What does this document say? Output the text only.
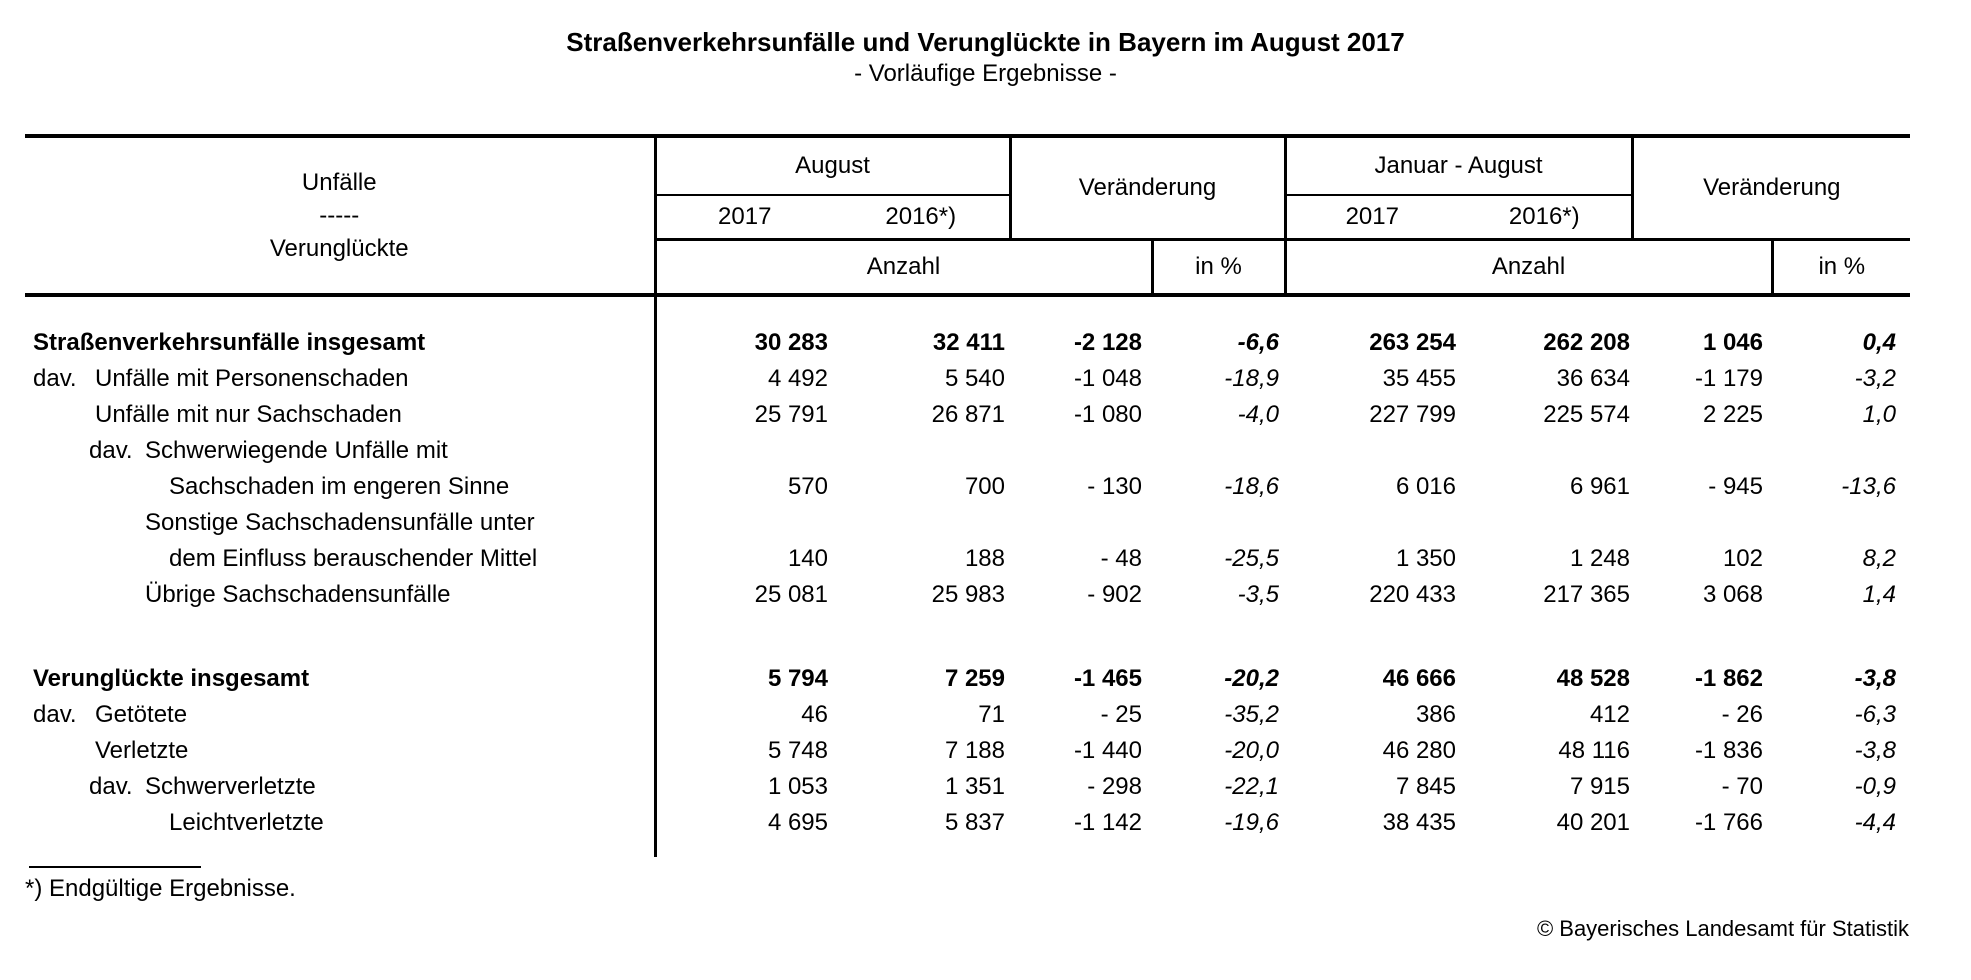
Straßenverkehrsunfälle und Verunglückte in Bayern im August 2017
- Vorläufige Ergebnisse -
Unfälle
-----
Verunglückte	August		Veränderung		Januar - August		Veränderung	
	2017	2016*)			2017	2016*)		
	Anzahl			in %	Anzahl			in %

Straßenverkehrsunfälle insgesamt	30 283	32 411	-2 128	-6,6	263 254	262 208	1 046	0,4

dav. Unfälle mit Personenschaden	4 492	5 540	-1 048	-18,9	35 455	36 634	-1 179	-3,2

Unfälle mit nur Sachschaden	25 791	26 871	-1 080	-4,0	227 799	225 574	2 225	1,0

dav. Schwerwiegende Unfälle mit
Sachschaden im engeren Sinne	570	700	- 130	-18,6	6 016	6 961	- 945	-13,6

Sonstige Sachschadensunfälle unter
dem Einfluss berauschender Mittel	140	188	- 48	-25,5	1 350	1 248	102	8,2

Übrige Sachschadensunfälle	25 081	25 983	- 902	-3,5	220 433	217 365	3 068	1,4

Verunglückte insgesamt	5 794	7 259	-1 465	-20,2	46 666	48 528	-1 862	-3,8

dav. Getötete	46	71	- 25	-35,2	386	412	- 26	-6,3

Verletzte	5 748	7 188	-1 440	-20,0	46 280	48 116	-1 836	-3,8

dav. Schwerverletzte	1 053	1 351	- 298	-22,1	7 845	7 915	- 70	-0,9

Leichtverletzte	4 695	5 837	-1 142	-19,6	38 435	40 201	-1 766	-4,4

*) Endgültige Ergebnisse.
© Bayerisches Landesamt für Statistik
